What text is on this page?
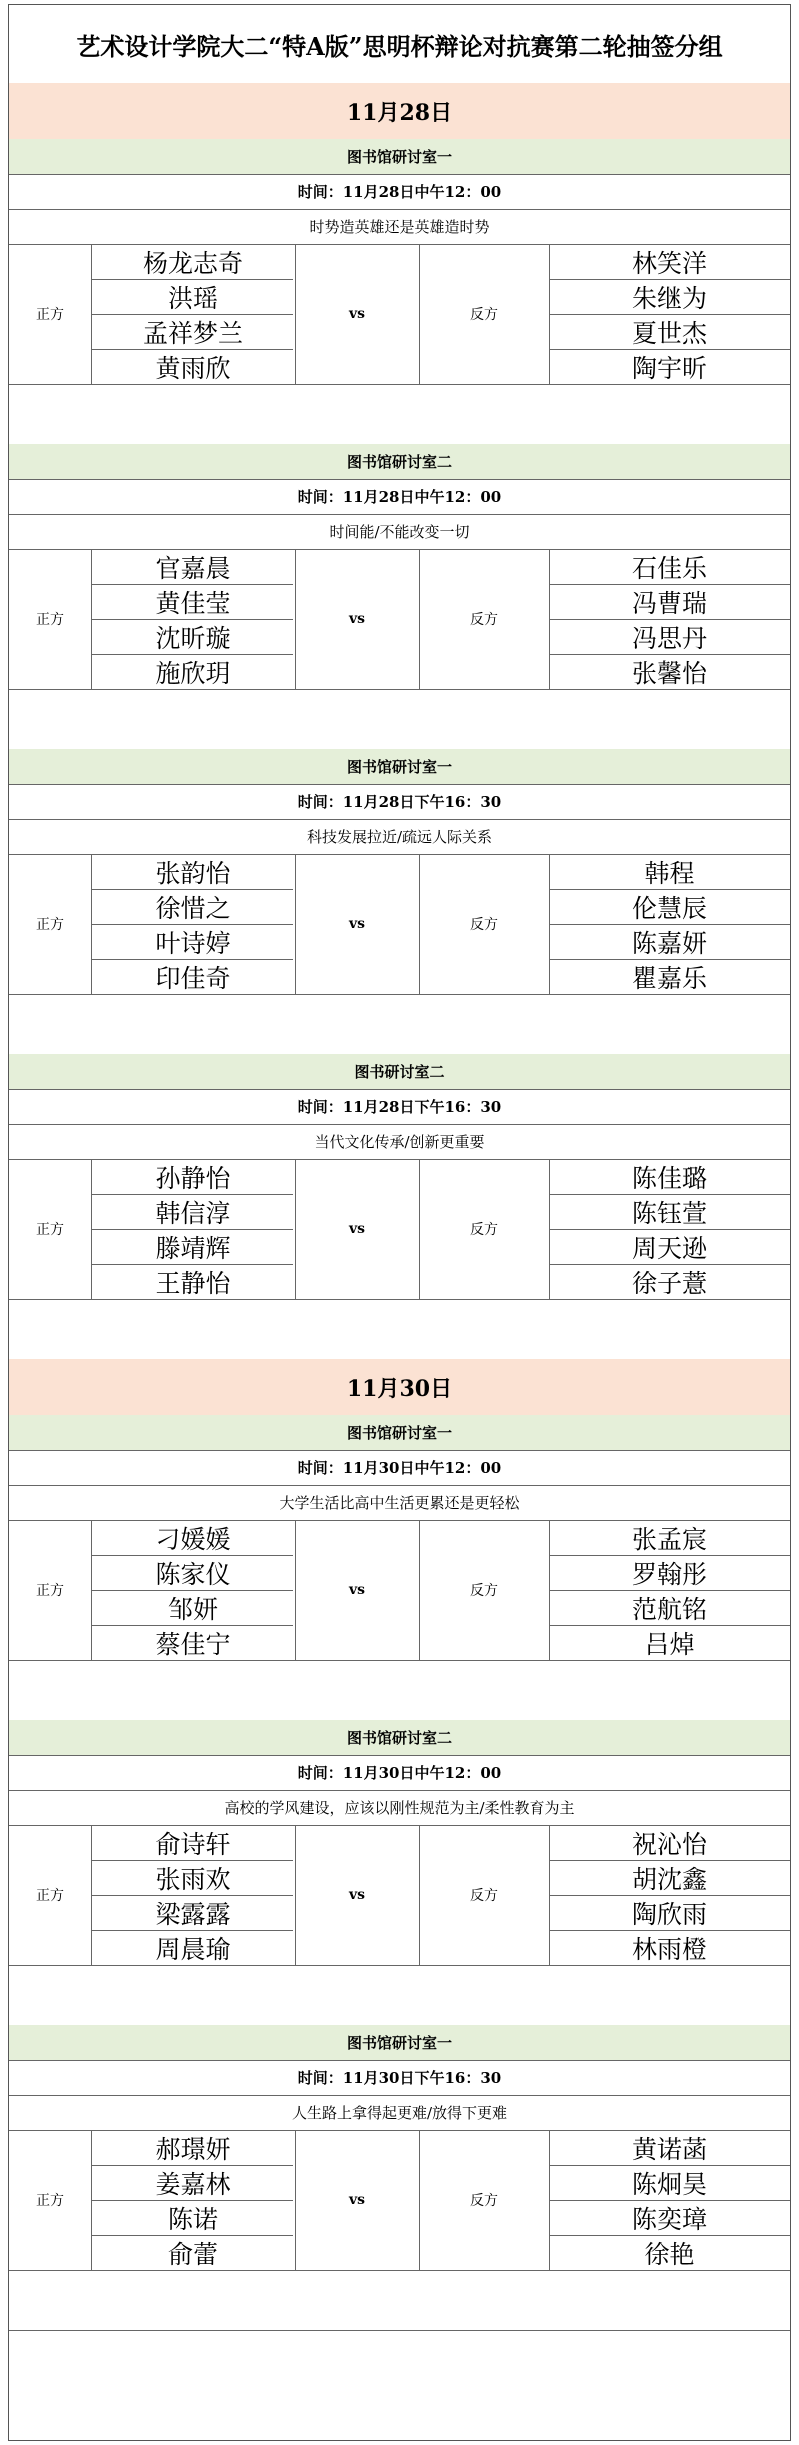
艺术设计学院大二“特A版”思明杯辩论对抗赛第二轮抽签分组
11月28日
图书馆研讨室一
时间：11月28日中午12：00
时势造英雄还是英雄造时势
正方	vs	反方
杨龙志奇	林笑洋
洪瑶	朱继为
孟祥梦兰	夏世杰
黄雨欣	陶宇昕
图书馆研讨室二
时间：11月28日中午12：00
时间能/不能改变一切
正方	vs	反方
官嘉晨	石佳乐
黄佳莹	冯曹瑞
沈昕璇	冯思丹
施欣玥	张馨怡
图书馆研讨室一
时间：11月28日下午16：30
科技发展拉近/疏远人际关系
正方	vs	反方
张韵怡	韩程
徐惜之	伦慧辰
叶诗婷	陈嘉妍
印佳奇	瞿嘉乐
图书研讨室二
时间：11月28日下午16：30
当代文化传承/创新更重要
正方	vs	反方
孙静怡	陈佳璐
韩信淳	陈钰萱
滕靖辉	周天逊
王静怡	徐子薏
11月30日
图书馆研讨室一
时间：11月30日中午12：00
大学生活比高中生活更累还是更轻松
正方	vs	反方
刁媛媛	张孟宸
陈家仪	罗翰彤
邹妍	范航铭
蔡佳宁	吕焯
图书馆研讨室二
时间：11月30日中午12：00
高校的学风建设，应该以刚性规范为主/柔性教育为主
正方	vs	反方
俞诗轩	祝沁怡
张雨欢	胡沈鑫
梁露露	陶欣雨
周晨瑜	林雨橙
图书馆研讨室一
时间：11月30日下午16：30
人生路上拿得起更难/放得下更难
正方	vs	反方
郝璟妍	黄诺菡
姜嘉林	陈炯昊
陈诺	陈奕璋
俞蕾	徐艳
